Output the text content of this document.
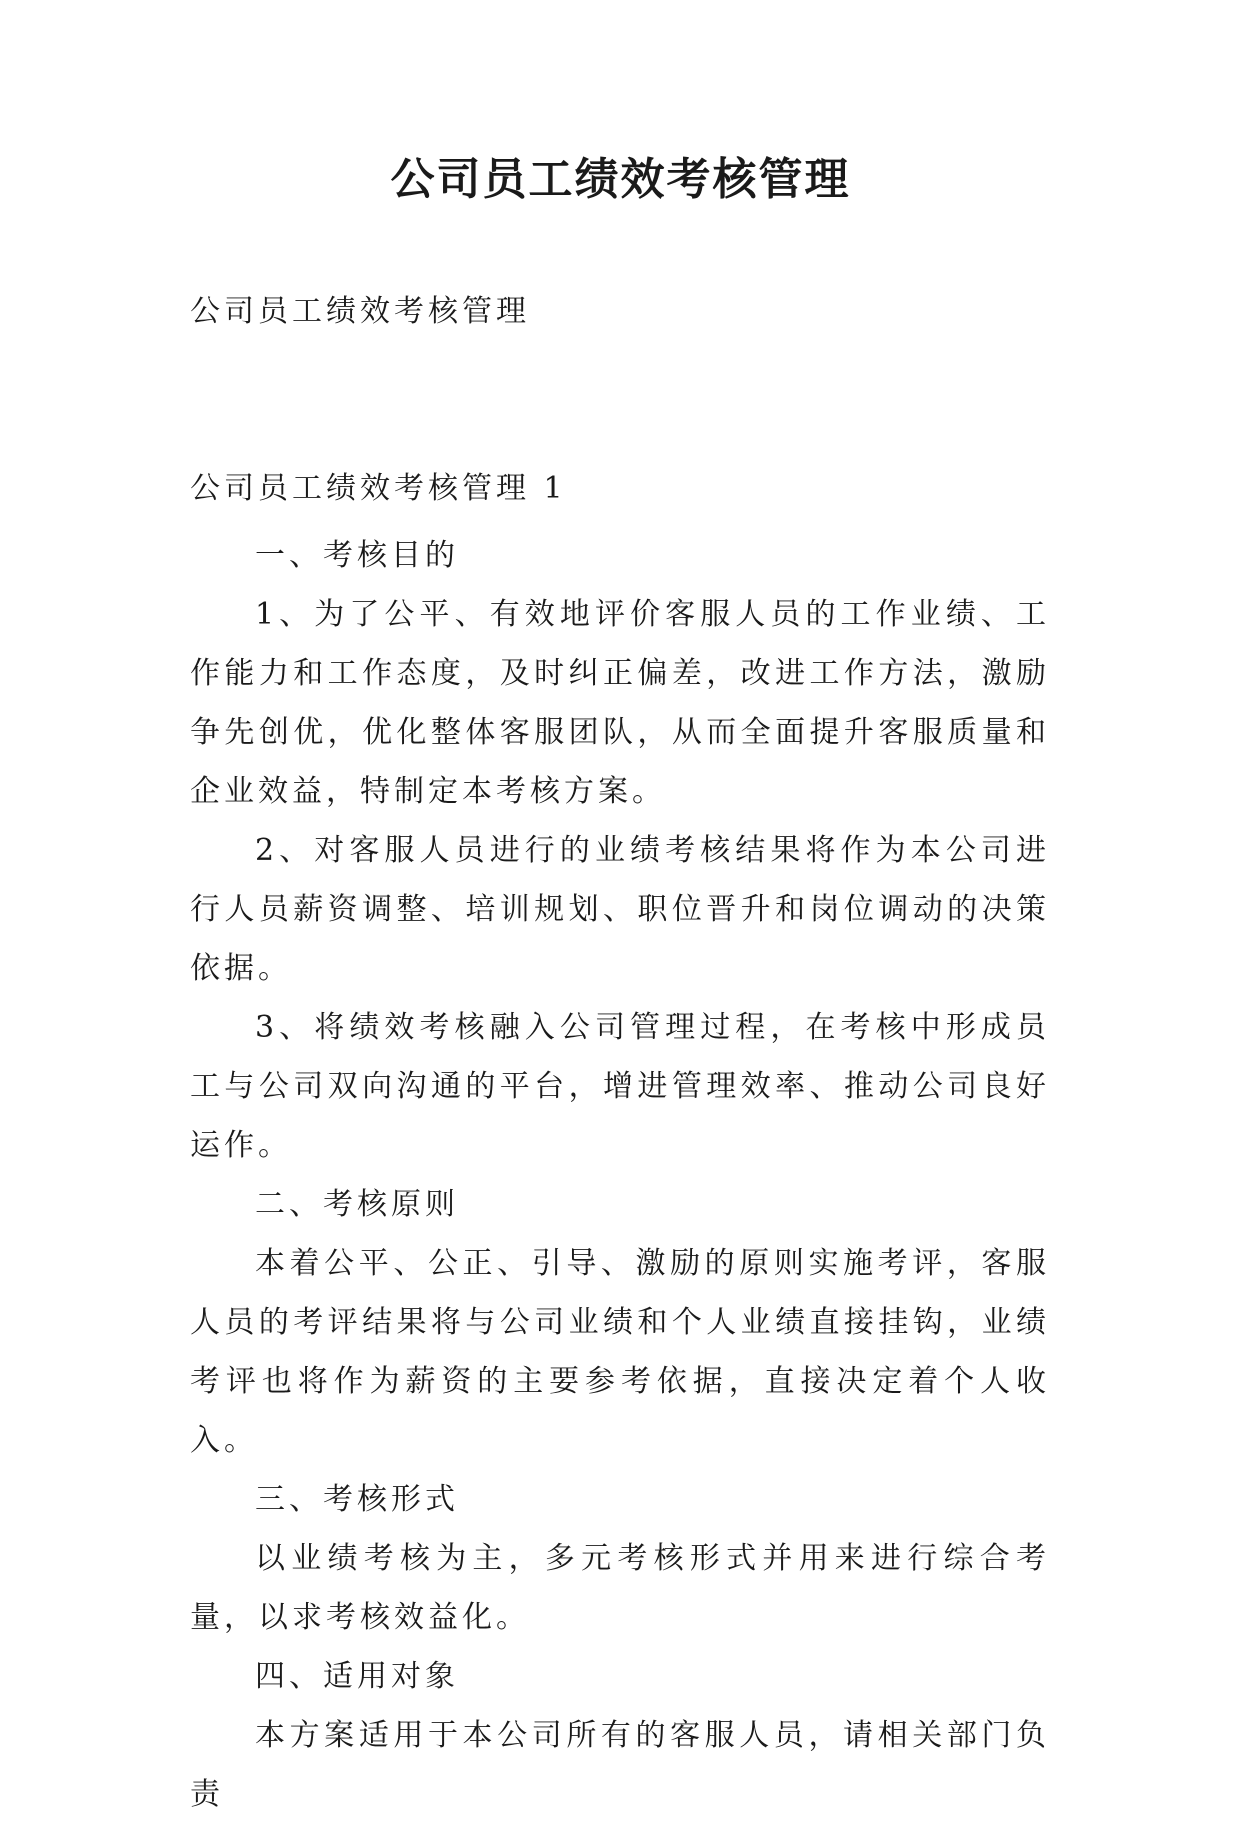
公司员工绩效考核管理

公司员工绩效考核管理

公司员工绩效考核管理 1

一、考核目的

1、为了公平、有效地评价客服人员的工作业绩、工作能力和工作态度，及时纠正偏差，改进工作方法，激励争先创优，优化整体客服团队，从而全面提升客服质量和企业效益，特制定本考核方案。

2、对客服人员进行的业绩考核结果将作为本公司进行人员薪资调整、培训规划、职位晋升和岗位调动的决策依据。

3、将绩效考核融入公司管理过程，在考核中形成员工与公司双向沟通的平台，增进管理效率、推动公司良好运作。

二、考核原则

本着公平、公正、引导、激励的原则实施考评，客服人员的考评结果将与公司业绩和个人业绩直接挂钩，业绩考评也将作为薪资的主要参考依据，直接决定着个人收入。

三、考核形式

以业绩考核为主，多元考核形式并用来进行综合考量，以求考核效益化。

四、适用对象

本方案适用于本公司所有的客服人员，请相关部门负责
